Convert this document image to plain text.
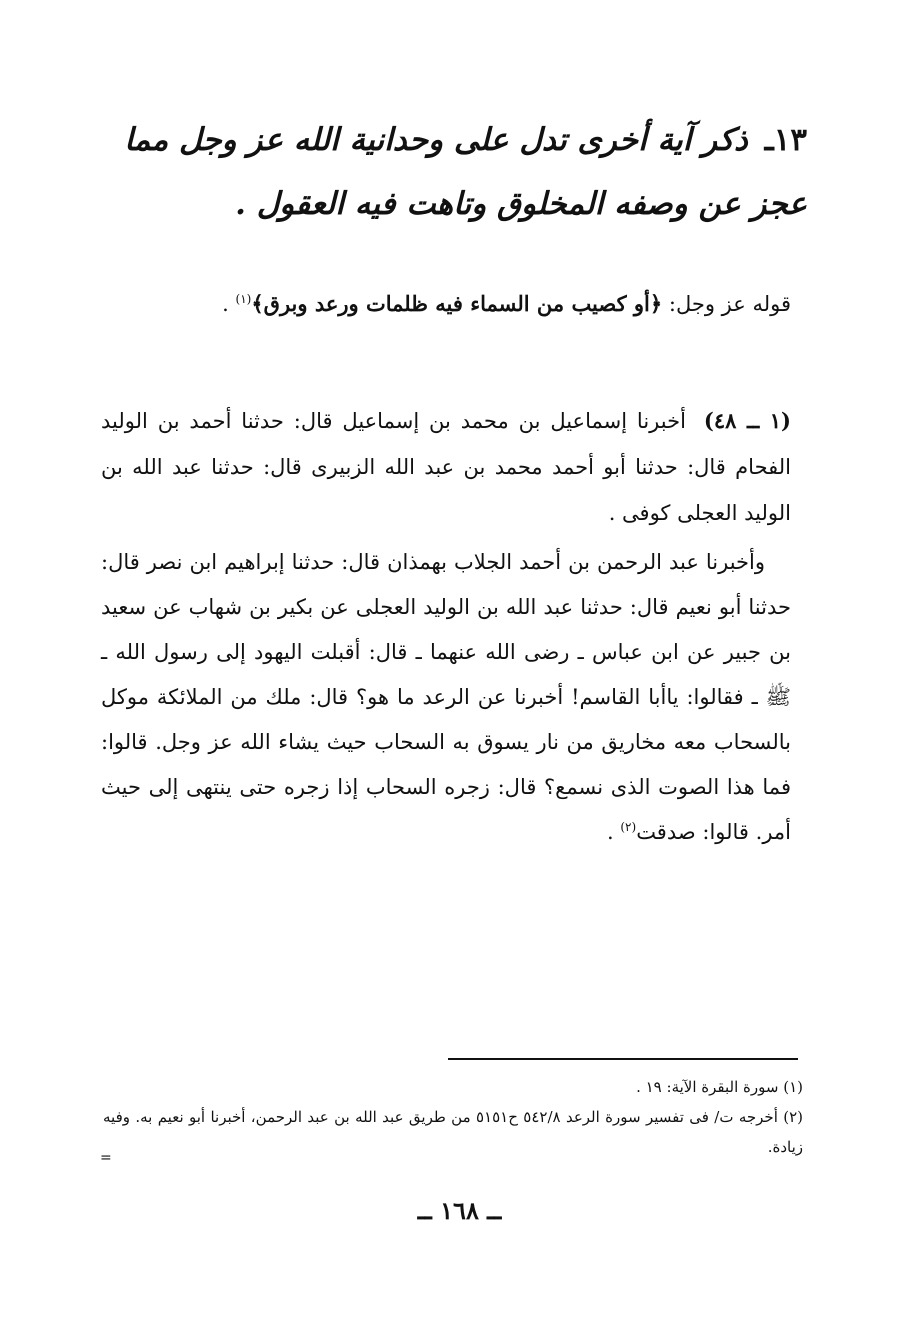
١٣ـ ذكر آية أخرى تدل على وحدانية الله عز وجل مما عجز عن وصفه المخلوق وتاهت فيه العقول .
قوله عز وجل: ﴿أو كصيب من السماء فيه ظلمات ورعد وبرق﴾$^{(١)}$ .
(١ ــ ٤٨)أخبرنا إسماعيل بن محمد بن إسماعيل قال: حدثنا أحمد بن الوليد الفحام قال: حدثنا أبو أحمد محمد بن عبد الله الزبيرى قال: حدثنا عبد الله بن الوليد العجلى كوفى .
وأخبرنا عبد الرحمن بن أحمد الجلاب بهمذان قال: حدثنا إبراهيم ابن نصر قال: حدثنا أبو نعيم قال: حدثنا عبد الله بن الوليد العجلى عن بكير بن شهاب عن سعيد بن جبير عن ابن عباس ـ رضى الله عنهما ـ قال: أقبلت اليهود إلى رسول الله ـ ﷺ ـ فقالوا: ياأبا القاسم! أخبرنا عن الرعد ما هو؟ قال: ملك من الملائكة موكل بالسحاب معه مخاريق من نار يسوق به السحاب حيث يشاء الله عز وجل. قالوا: فما هذا الصوت الذى نسمع؟ قال: زجره السحاب إذا زجره حتى ينتهى إلى حيث أمر. قالوا: صدقت$^{(٢)}$ .

(١) سورة البقرة الآية: ١٩ .

(٢) أخرجه ت/ فى تفسير سورة الرعد ٥٤٢/٨ ح٥١٥١ من طريق عبد الله بن عبد الرحمن، أخبرنا أبو نعيم به. وفيه زيادة.

=
ــ ١٦٨ ــ
